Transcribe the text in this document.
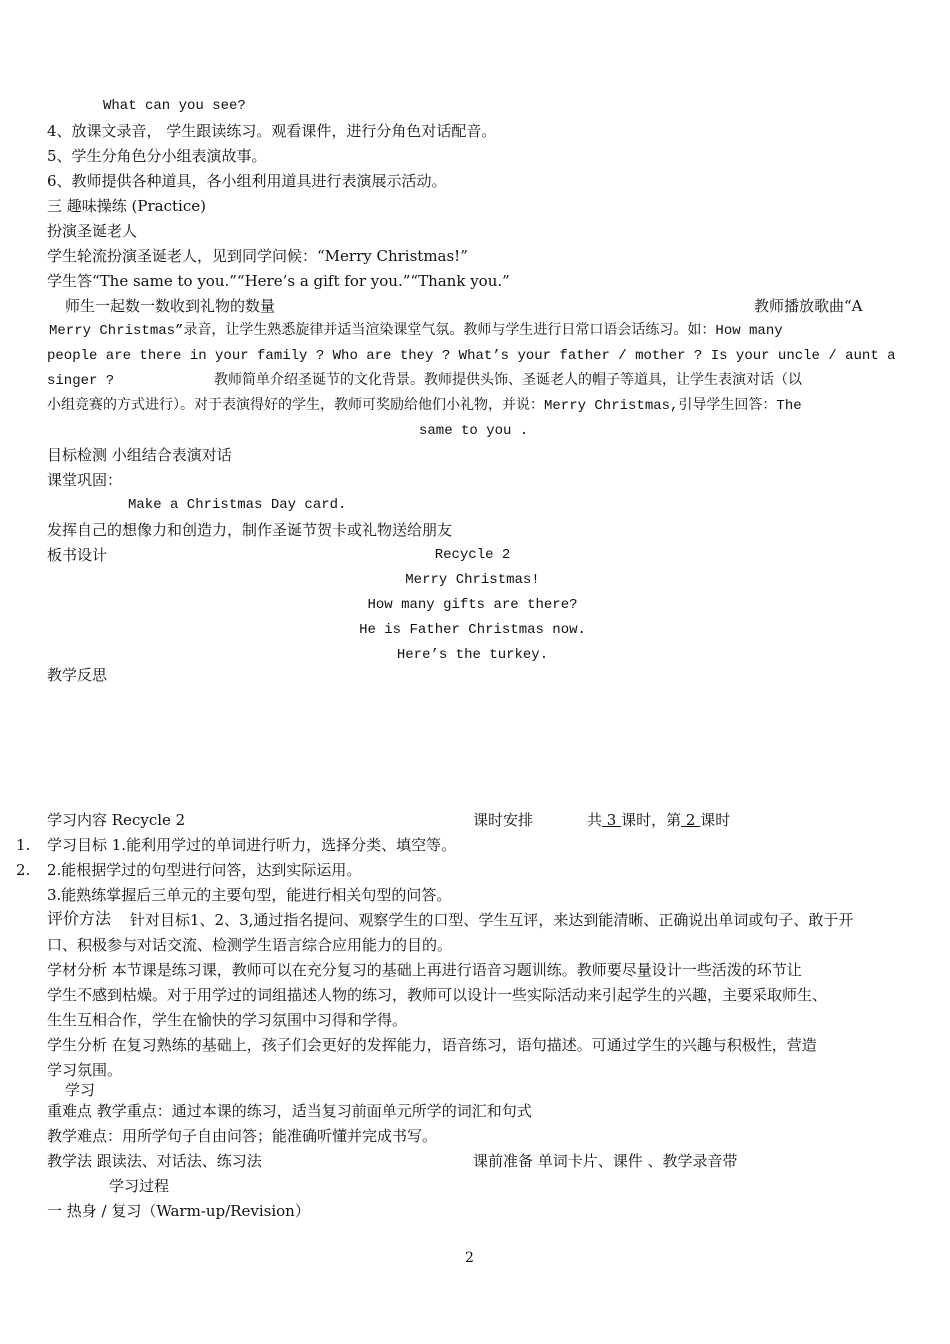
What can you see?
4、放课文录音， 学生跟读练习。观看课件，进行分角色对话配音。
5、学生分角色分小组表演故事。
6、教师提供各种道具，各小组利用道具进行表演展示活动。
三 趣味操练 (Practice)
扮演圣诞老人
学生轮流扮演圣诞老人，见到同学问候：“Merry Christmas!”
学生答“The same to you.”“Here’s a gift for you.”“Thank you.”
师生一起数一数收到礼物的数量	教师播放歌曲“A
Merry Christmas”录音，让学生熟悉旋律并适当渲染课堂气氛。教师与学生进行日常口语会话练习。如：How many
people are there in your family ? Who are they ? What’s your father / mother ? Is your uncle / aunt a
singer ?	教师简单介绍圣诞节的文化背景。教师提供头饰、圣诞老人的帽子等道具，让学生表演对话（以
小组竞赛的方式进行）。对于表演得好的学生，教师可奖励给他们小礼物，并说：Merry Christmas,引导学生回答：The
same to you .
目标检测 小组结合表演对话
课堂巩固：
Make a Christmas Day card.
发挥自己的想像力和创造力，制作圣诞节贺卡或礼物送给朋友
板书设计	Recycle 2
Merry Christmas!
How many gifts are there?
He is Father Christmas now.
Here’s the turkey.
教学反思
学习内容 Recycle 2	课时安排	共 3 课时，第 2 课时
1. 学习目标 1.能利用学过的单词进行听力，选择分类、填空等。
2. 2.能根据学过的句型进行问答，达到实际运用。
3.能熟练掌握后三单元的主要句型，能进行相关句型的问答。
评价方法 针对目标1、2、3,通过指名提问、观察学生的口型、学生互评，来达到能清晰、正确说出单词或句子、敢于开
口、积极参与对话交流、检测学生语言综合应用能力的目的。
学材分析 本节课是练习课，教师可以在充分复习的基础上再进行语音习题训练。教师要尽量设计一些活泼的环节让
学生不感到枯燥。对于用学过的词组描述人物的练习，教师可以设计一些实际活动来引起学生的兴趣，主要采取师生、
生生互相合作，学生在愉快的学习氛围中习得和学得。
学生分析 在复习熟练的基础上，孩子们会更好的发挥能力，语音练习，语句描述。可通过学生的兴趣与积极性，营造
学习氛围。
学习
重难点 教学重点：通过本课的练习，适当复习前面单元所学的词汇和句式
教学难点：用所学句子自由问答；能准确听懂并完成书写。
教学法 跟读法、对话法、练习法	课前准备 单词卡片、课件 、教学录音带
学习过程
一 热身 / 复习（Warm-up/Revision）
2
